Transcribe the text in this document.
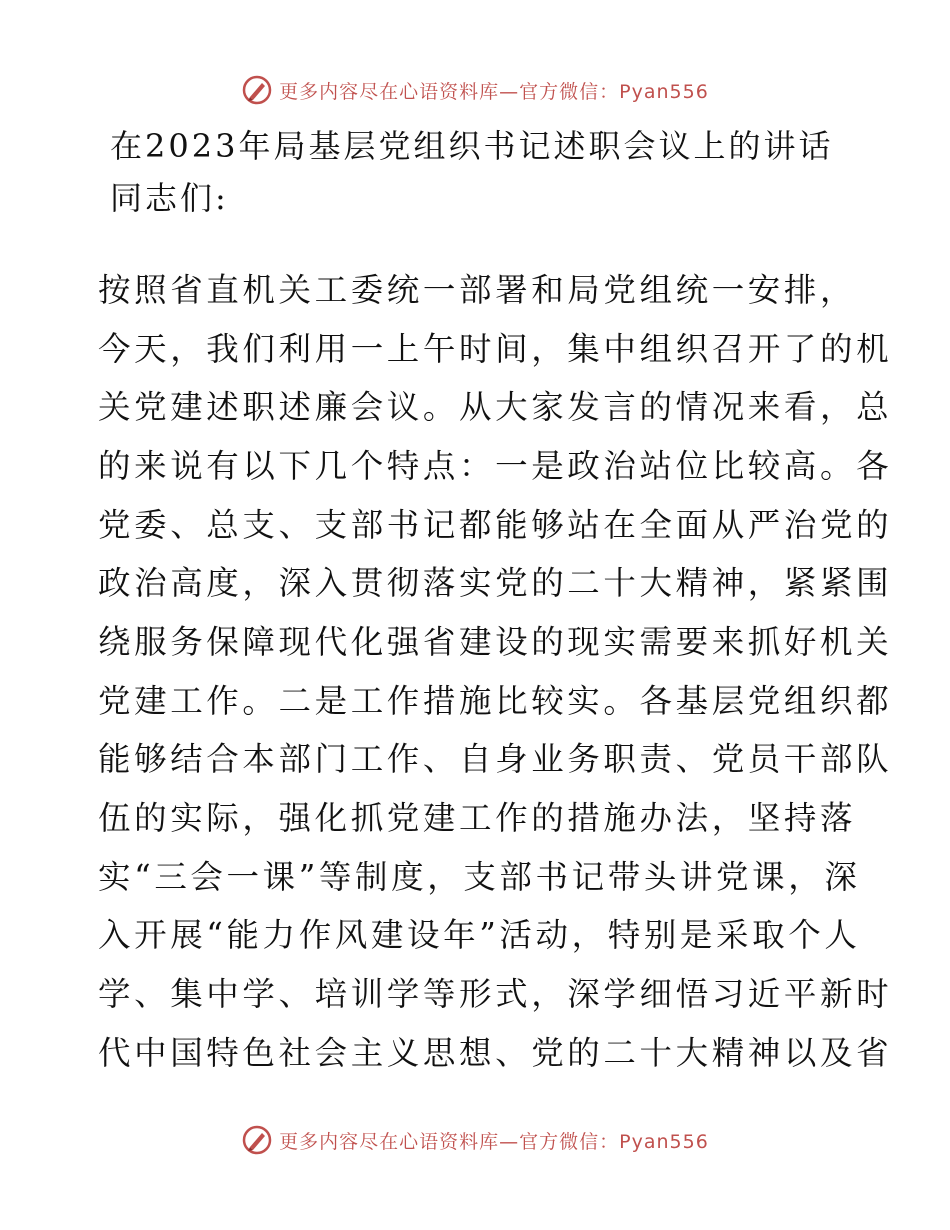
更多内容尽在心语资料库—官方微信：Pyan556
在2023年局基层党组织书记述职会议上的讲话
同志们:
按照省直机关工委统一部署和局党组统一安排，
今天，我们利用一上午时间，集中组织召开了的机
关党建述职述廉会议。从大家发言的情况来看，总
的来说有以下几个特点：一是政治站位比较高。各
党委、总支、支部书记都能够站在全面从严治党的
政治高度，深入贯彻落实党的二十大精神，紧紧围
绕服务保障现代化强省建设的现实需要来抓好机关
党建工作。二是工作措施比较实。各基层党组织都
能够结合本部门工作、自身业务职责、党员干部队
伍的实际，强化抓党建工作的措施办法，坚持落
实“三会一课”等制度，支部书记带头讲党课，深
入开展“能力作风建设年”活动，特别是采取个人
学、集中学、培训学等形式，深学细悟习近平新时
代中国特色社会主义思想、党的二十大精神以及省
更多内容尽在心语资料库—官方微信：Pyan556
